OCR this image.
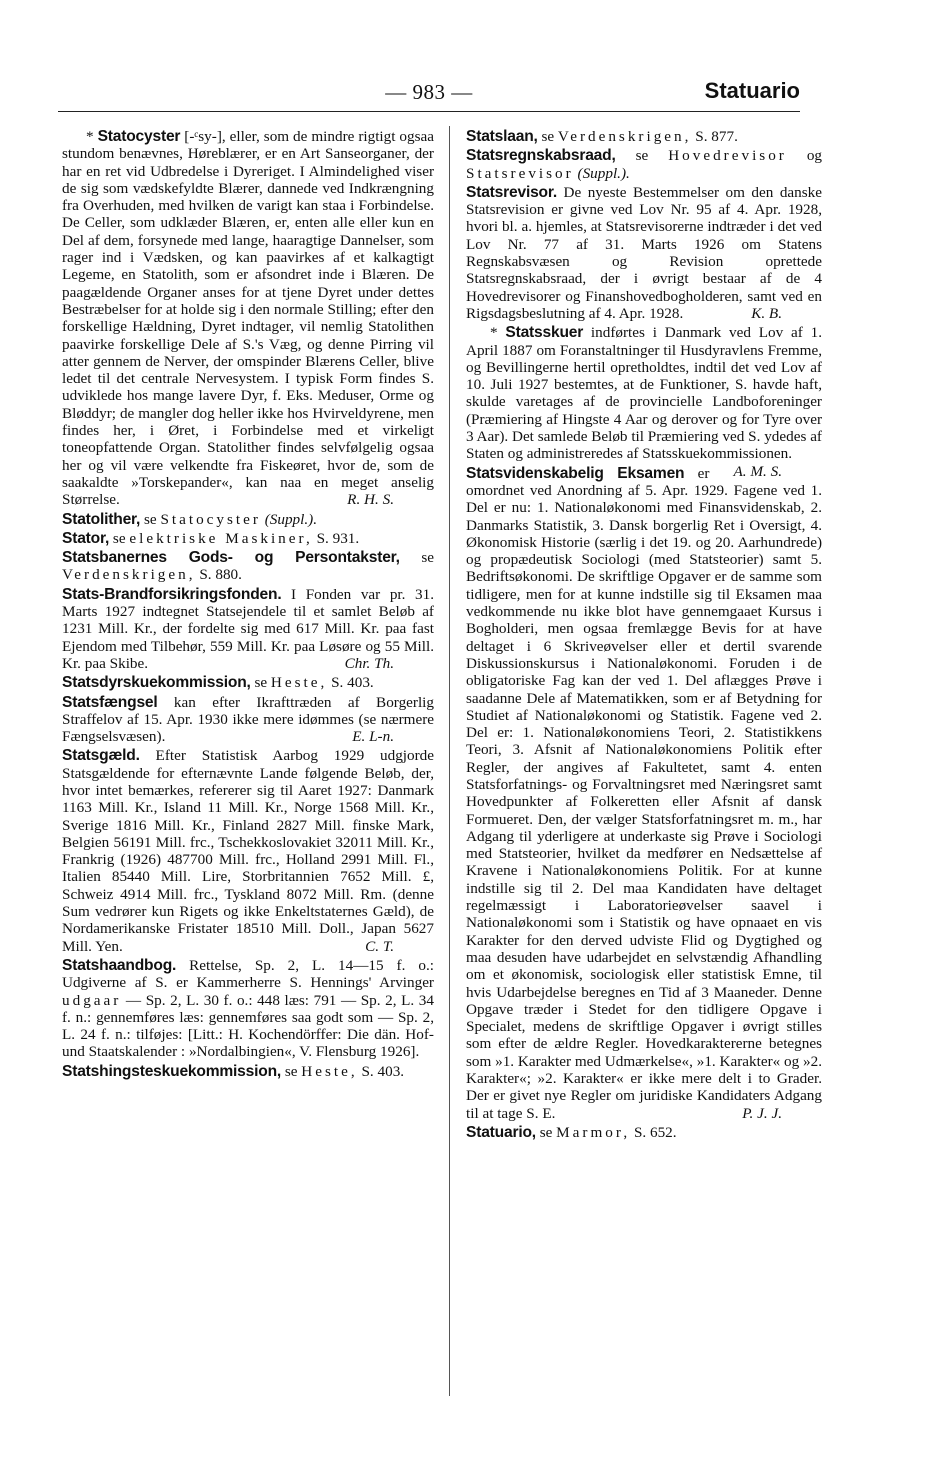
— 983 —	Statuario

* Statocyster [-ᶜsy-], eller, som de mindre rigtigt ogsaa stundom benævnes, Høreblærer, er en Art Sanseorganer, der har en ret vid Udbredelse i Dyreriget. I Almindelighed viser de sig som vædskefyldte Blærer, dannede ved Indkrængning fra Overhuden, med hvilken de varigt kan staa i Forbindelse. De Celler, som udklæder Blæren, er, enten alle eller kun en Del af dem, forsynede med lange, haaragtige Dannelser, som rager ind i Vædsken, og kan paavirkes af et kalkagtigt Legeme, en Statolith, som er afsondret inde i Blæren. De paagældende Organer anses for at tjene Dyret under dettes Bestræbelser for at holde sig i den normale Stilling; efter den forskellige Hældning, Dyret indtager, vil nemlig Statolithen paavirke forskellige Dele af S.'s Væg, og denne Pirring vil atter gennem de Nerver, der omspinder Blærens Celler, blive ledet til det centrale Nervesystem. I typisk Form findes S. udviklede hos mange lavere Dyr, f. Eks. Meduser, Orme og Bløddyr; de mangler dog heller ikke hos Hvirveldyrene, men findes her, i Øret, i Forbindelse med et virkeligt toneopfattende Organ. Statolither findes selvfølgelig ogsaa her og vil være velkendte fra Fiskeøret, hvor de, som de saakaldte »Torskepander«, kan naa en meget anselig Størrelse.	R. H. S.

Statolither, se Statocyster (Suppl.).

Stator, se elektriske Maskiner, S. 931.

Statsbanernes Gods- og Persontakster, se Verdenskrigen, S. 880.

Stats-Brandforsikringsfonden. I Fonden var pr. 31. Marts 1927 indtegnet Statsejendele til et samlet Beløb af 1231 Mill. Kr., der fordelte sig med 617 Mill. Kr. paa fast Ejendom med Tilbehør, 559 Mill. Kr. paa Løsøre og 55 Mill. Kr. paa Skibe.	Chr. Th.

Statsdyrskuekommission, se Heste, S. 403.

Statsfængsel kan efter Ikrafttræden af Borgerlig Straffelov af 15. Apr. 1930 ikke mere idømmes (se nærmere Fængselsvæsen).	E. L-n.

Statsgæld. Efter Statistisk Aarbog 1929 udgjorde Statsgældende for efternævnte Lande følgende Beløb, der, hvor intet bemærkes, refererer sig til Aaret 1927: Danmark 1163 Mill. Kr., Island 11 Mill. Kr., Norge 1568 Mill. Kr., Sverige 1816 Mill. Kr., Finland 2827 Mill. finske Mark, Belgien 56191 Mill. frc., Tschekkoslovakiet 32011 Mill. Kr., Frankrig (1926) 487700 Mill. frc., Holland 2991 Mill. Fl., Italien 85440 Mill. Lire, Storbritannien 7652 Mill. £, Schweiz 4914 Mill. frc., Tyskland 8072 Mill. Rm. (denne Sum vedrører kun Rigets og ikke Enkeltstaternes Gæld), de Nordamerikanske Fristater 18510 Mill. Doll., Japan 5627 Mill. Yen.	C. T.

Statshaandbog. Rettelse, Sp. 2, L. 14—15 f. o.: Udgiverne af S. er Kammerherre S. Hennings' Arvinger udgaar — Sp. 2, L. 30 f. o.: 448 læs: 791 — Sp. 2, L. 34 f. n.: gennemføres læs: gennemføres saa godt som — Sp. 2, L. 24 f. n.: tilføjes: [Litt.: H. Kochendörffer: Die dän. Hof- und Staatskalender : »Nordalbingien«, V. Flensburg 1926].

Statshingsteskuekommission, se Heste, S. 403.

Statslaan, se Verdenskrigen, S. 877.

Statsregnskabsraad, se Hovedrevisor og Statsrevisor (Suppl.).

Statsrevisor. De nyeste Bestemmelser om den danske Statsrevision er givne ved Lov Nr. 95 af 4. Apr. 1928, hvori bl. a. hjemles, at Statsrevisorerne indtræder i det ved Lov Nr. 77 af 31. Marts 1926 om Statens Regnskabsvæsen og Revision oprettede Statsregnskabsraad, der i øvrigt bestaar af de 4 Hovedrevisorer og Finanshovedbogholderen, samt ved en Rigsdagsbeslutning af 4. Apr. 1928.	K. B.

* Statsskuer indførtes i Danmark ved Lov af 1. April 1887 om Foranstaltninger til Husdyravlens Fremme, og Bevillingerne hertil opretholdtes, indtil det ved Lov af 10. Juli 1927 bestemtes, at de Funktioner, S. havde haft, skulde varetages af de provincielle Landboforeninger (Præmiering af Hingste 4 Aar og derover og for Tyre over 3 Aar). Det samlede Beløb til Præmiering ved S. ydedes af Staten og administreredes af Statsskuekommissionen.
A. M. S.

Statsvidenskabelig Eksamen er omordnet ved Anordning af 5. Apr. 1929. Fagene ved 1. Del er nu: 1. Nationaløkonomi med Finansvidenskab, 2. Danmarks Statistik, 3. Dansk borgerlig Ret i Oversigt, 4. Økonomisk Historie (særlig i det 19. og 20. Aarhundrede) og propædeutisk Sociologi (med Statsteorier) samt 5. Bedriftsøkonomi. De skriftlige Opgaver er de samme som tidligere, men for at kunne indstille sig til Eksamen maa vedkommende nu ikke blot have gennemgaaet Kursus i Bogholderi, men ogsaa fremlægge Bevis for at have deltaget i 6 Skriveøvelser eller et dertil svarende Diskussionskursus i Nationaløkonomi. Foruden i de obligatoriske Fag kan der ved 1. Del aflægges Prøve i saadanne Dele af Matematikken, som er af Betydning for Studiet af Nationaløkonomi og Statistik. Fagene ved 2. Del er: 1. Nationaløkonomiens Teori, 2. Statistikkens Teori, 3. Afsnit af Nationaløkonomiens Politik efter Regler, der angives af Fakultetet, samt 4. enten Statsforfatnings- og Forvaltningsret med Næringsret samt Hovedpunkter af Folkeretten eller Afsnit af dansk Formueret. Den, der vælger Statsforfatningsret m. m., har Adgang til yderligere at underkaste sig Prøve i Sociologi med Statsteorier, hvilket da medfører en Nedsættelse af Kravene i Nationaløkonomiens Politik. For at kunne indstille sig til 2. Del maa Kandidaten have deltaget regelmæssigt i Laboratorieøvelser saavel i Nationaløkonomi som i Statistik og have opnaaet en vis Karakter for den derved udviste Flid og Dygtighed og maa desuden have udarbejdet en selvstændig Afhandling om et økonomisk, sociologisk eller statistisk Emne, til hvis Udarbejdelse beregnes en Tid af 3 Maaneder. Denne Opgave træder i Stedet for den tidligere Opgave i Specialet, medens de skriftlige Opgaver i øvrigt stilles som efter de ældre Regler. Hovedkaraktererne betegnes som »1. Karakter med Udmærkelse«, »1. Karakter« og »2. Karakter«; »2. Karakter« er ikke mere delt i to Grader. Der er givet nye Regler om juridiske Kandidaters Adgang til at tage S. E.	P. J. J.

Statuario, se Marmor, S. 652.
